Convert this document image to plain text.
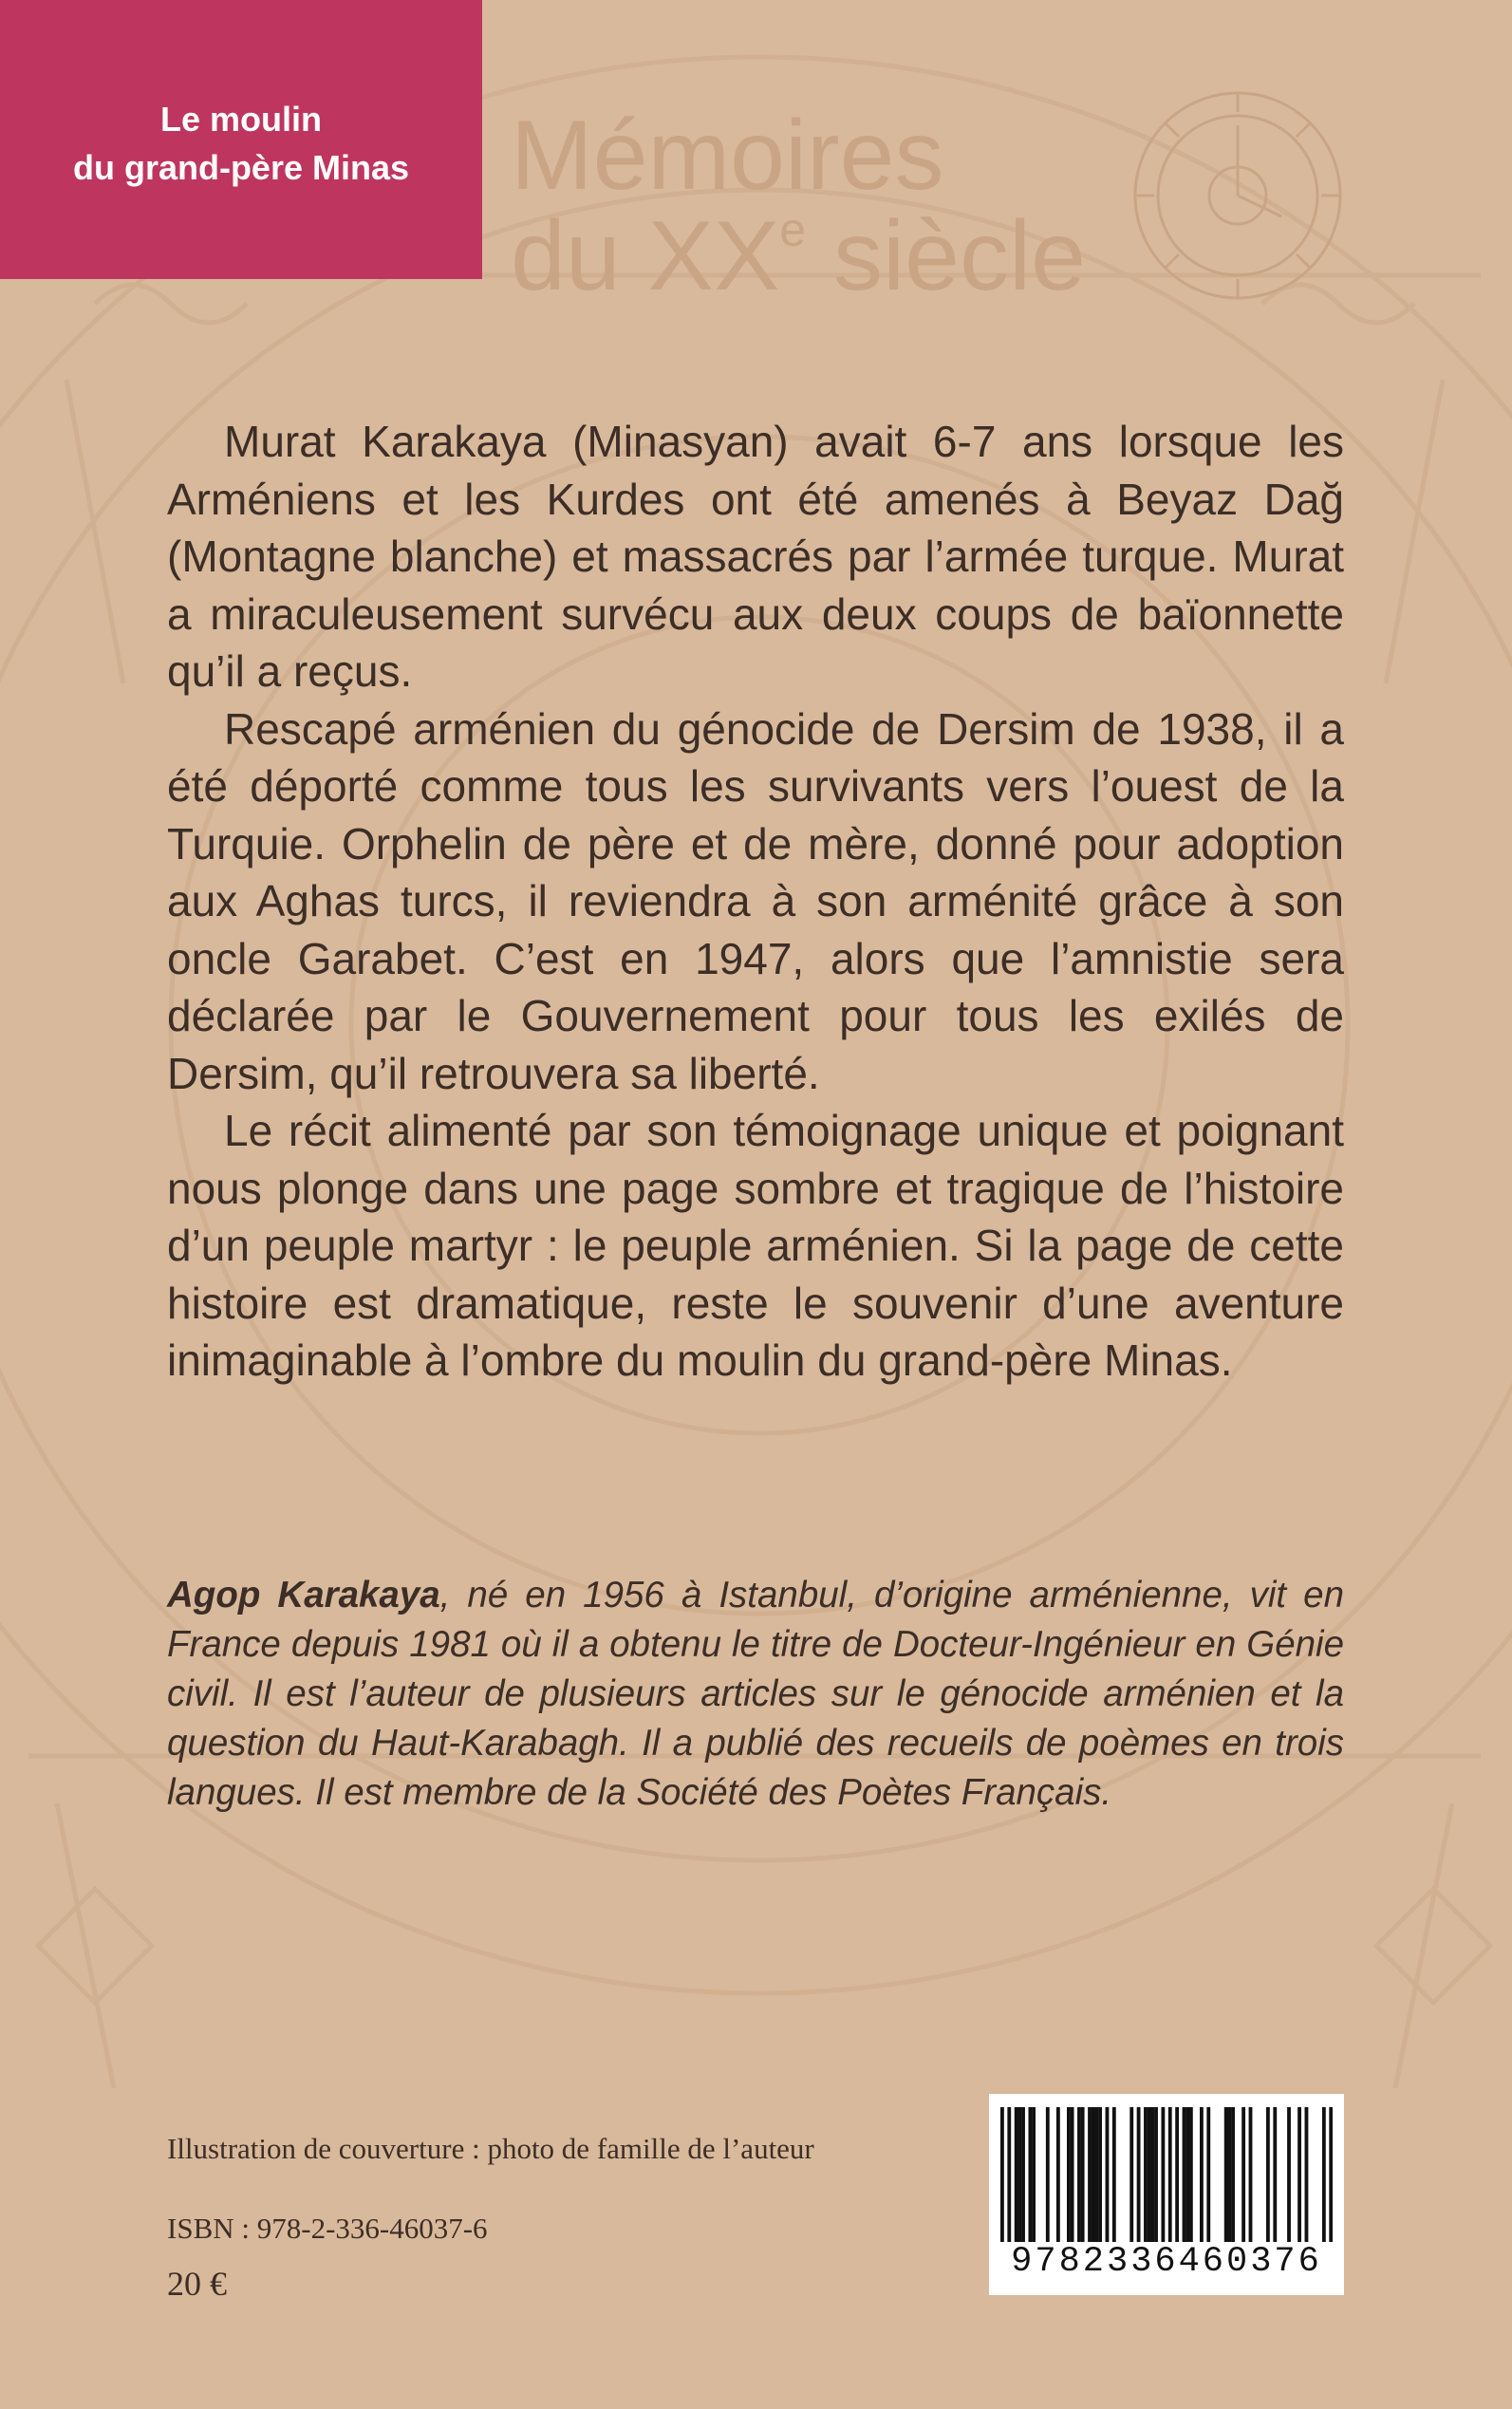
Le moulin
du grand-père Minas	Mémoires
du XXe siècle

Murat Karakaya (Minasyan) avait 6-7 ans lorsque les Arméniens et les Kurdes ont été amenés à Beyaz Dağ (Montagne blanche) et massacrés par l’armée turque. Murat a miraculeusement survécu aux deux coups de baïonnette qu’il a reçus.

Rescapé arménien du génocide de Dersim de 1938, il a été déporté comme tous les survivants vers l’ouest de la Turquie. Orphelin de père et de mère, donné pour adoption aux Aghas turcs, il reviendra à son arménité grâce à son oncle Garabet. C’est en 1947, alors que l’amnistie sera déclarée par le Gouvernement pour tous les exilés de Dersim, qu’il retrouvera sa liberté.

Le récit alimenté par son témoignage unique et poignant nous plonge dans une page sombre et tragique de l’histoire d’un peuple martyr : le peuple arménien. Si la page de cette histoire est dramatique, reste le souvenir d’une aventure inimaginable à l’ombre du moulin du grand-père Minas.

Agop Karakaya, né en 1956 à Istanbul, d’origine arménienne, vit en France depuis 1981 où il a obtenu le titre de Docteur-Ingénieur en Génie civil. Il est l’auteur de plusieurs articles sur le génocide arménien et la question du Haut-Karabagh. Il a publié des recueils de poèmes en trois langues. Il est membre de la Société des Poètes Français.

Illustration de couverture : photo de famille de l’auteur
ISBN : 978-2-336-46037-6
20 €
9782336460376
